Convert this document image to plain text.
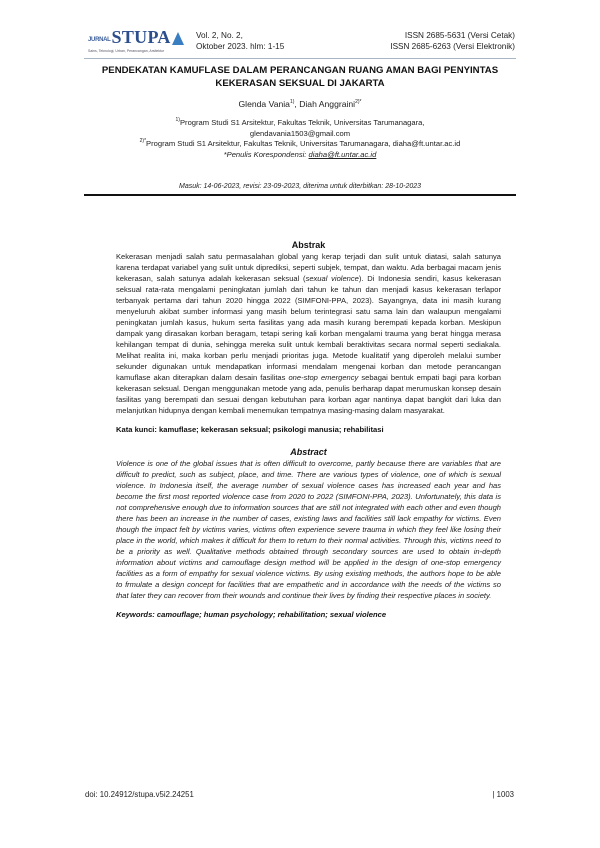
JURNAL STUPA
Sains, Teknologi, Urban, Perancangan, Arsitektur
Vol. 2, No. 2,
Oktober 2023. hlm: 1-15
ISSN 2685-5631 (Versi Cetak)
ISSN 2685-6263 (Versi Elektronik)
PENDEKATAN KAMUFLASE DALAM PERANCANGAN RUANG AMAN BAGI PENYINTAS
KEKERASAN SEKSUAL DI JAKARTA
Glenda Vania$^{1)}$, Diah Anggraini$^{2)*}$
$^{1)}$Program Studi S1 Arsitektur, Fakultas Teknik, Universitas Tarumanagara,
glendavania1503@gmail.com
$^{2)*}$Program Studi S1 Arsitektur, Fakultas Teknik, Universitas Tarumanagara, diaha@ft.untar.ac.id
*Penulis Korespondensi: diaha@ft.untar.ac.id
Masuk: 14-06-2023, revisi: 23-09-2023, diterima untuk diterbitkan: 28-10-2023
Abstrak
Kekerasan menjadi salah satu permasalahan global yang kerap terjadi dan sulit untuk diatasi, salah satunya karena terdapat variabel yang sulit untuk diprediksi, seperti subjek, tempat, dan waktu. Ada berbagai macam jenis kekerasan, salah satunya adalah kekerasan seksual (sexual violence). Di Indonesia sendiri, kasus kekerasan seksual rata-rata mengalami peningkatan jumlah dari tahun ke tahun dan menjadi kasus kekerasan terlapor terbanyak pertama dari tahun 2020 hingga 2022 (SIMFONI-PPA, 2023). Sayangnya, data ini masih kurang menyeluruh akibat sumber informasi yang masih belum terintegrasi satu sama lain dan walaupun mengalami peningkatan jumlah kasus, hukum serta fasilitas yang ada masih kurang berempati kepada korban. Meskipun dampak yang dirasakan korban beragam, tetapi sering kali korban mengalami trauma yang berat hingga merasa kehilangan tempat di dunia, sehingga mereka sulit untuk kembali beraktivitas secara normal seperti sediakala. Melihat realita ini, maka korban perlu menjadi prioritas juga. Metode kualitatif yang diperoleh melalui sumber sekunder digunakan untuk mendapatkan informasi mendalam mengenai korban dan metode perancangan kamuflase akan diterapkan dalam desain fasilitas one-stop emergency sebagai bentuk empati bagi para korban kekerasan seksual. Dengan menggunakan metode yang ada, penulis berharap dapat merumuskan konsep desain fasilitas yang berempati dan sesuai dengan kebutuhan para korban agar nantinya dapat bangkit dari luka dan melanjutkan hidupnya dengan kembali menemukan tempatnya masing-masing dalam masyarakat.
Kata kunci: kamuflase; kekerasan seksual; psikologi manusia; rehabilitasi
Abstract
Violence is one of the global issues that is often difficult to overcome, partly because there are variables that are difficult to predict, such as subject, place, and time. There are various types of violence, one of which is sexual violence. In Indonesia itself, the average number of sexual violence cases has increased each year and has become the first most reported violence case from 2020 to 2022 (SIMFONI-PPA, 2023). Unfortunately, this data is not comprehensive enough due to information sources that are still not integrated with each other and even though there has been an increase in the number of cases, existing laws and facilities still lack empathy for victims. Even though the impact felt by victims varies, victims often experience severe trauma in which they feel like losing their place in the world, which makes it difficult for them to return to their normal activities. Through this, victims need to be a priority as well. Qualitative methods obtained through secondary sources are used to obtain in-depth information about victims and camouflage design method will be applied in the design of one-stop emergency facilities as a form of empathy for sexual violence victims. By using existing methods, the authors hope to be able to frmulate a design concept for facilities that are empathetic and in accordance with the needs of the victims so that later they can recover from their wounds and continue their lives by finding their respective places in society.
Keywords: camouflage; human psychology; rehabilitation; sexual violence
doi: 10.24912/stupa.v5i2.24251	| 1003
